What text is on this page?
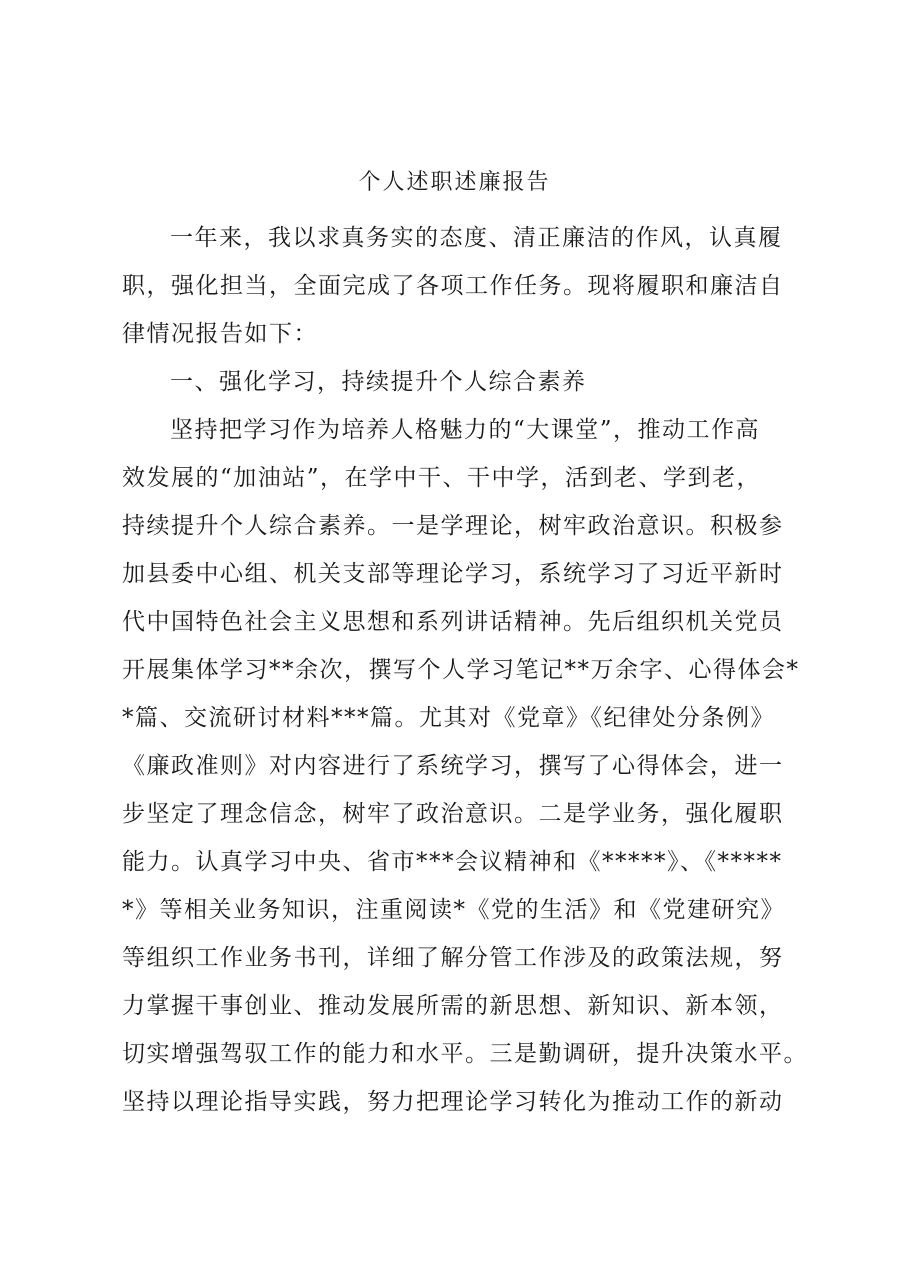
个人述职述廉报告
一年来，我以求真务实的态度、清正廉洁的作风，认真履
职，强化担当，全面完成了各项工作任务。现将履职和廉洁自
律情况报告如下：
一、强化学习，持续提升个人综合素养
坚持把学习作为培养人格魅力的“大课堂”，推动工作高
效发展的“加油站”，在学中干、干中学，活到老、学到老，
持续提升个人综合素养。一是学理论，树牢政治意识。积极参
加县委中心组、机关支部等理论学习，系统学习了习近平新时
代中国特色社会主义思想和系列讲话精神。先后组织机关党员
开展集体学习**余次，撰写个人学习笔记**万余字、心得体会*
*篇、交流研讨材料***篇。尤其对《党章》《纪律处分条例》
《廉政准则》对内容进行了系统学习，撰写了心得体会，进一
步坚定了理念信念，树牢了政治意识。二是学业务，强化履职
能力。认真学习中央、省市***会议精神和《*****》、《*****
*》等相关业务知识，注重阅读*《党的生活》和《党建研究》
等组织工作业务书刊，详细了解分管工作涉及的政策法规，努
力掌握干事创业、推动发展所需的新思想、新知识、新本领，
切实增强驾驭工作的能力和水平。三是勤调研，提升决策水平。
坚持以理论指导实践，努力把理论学习转化为推动工作的新动
